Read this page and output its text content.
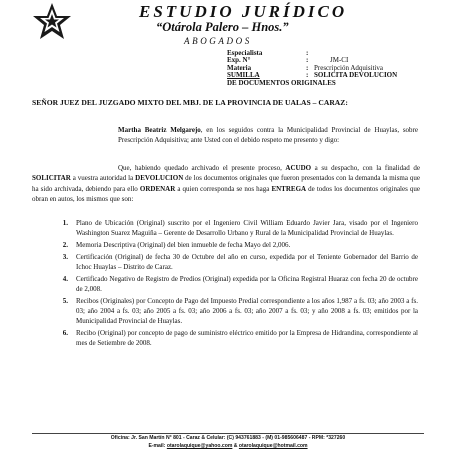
ESTUDIO JURÍDICO
“Otárola Palero – Hnos.”
ABOGADOS
Especialista	:
Exp. N°	:	JM-CI
Materia	: Prescripción Adquisitiva
SUMILLA	: SOLICITA DEVOLUCION
DE DOCUMENTOS ORIGINALES
SEÑOR JUEZ DEL JUZGADO MIXTO DEL MBJ. DE LA PROVINCIA DE UALAS – CARAZ:
Martha Beatriz Melgarejo, en los seguidos contra la Municipalidad Provincial de Huaylas, sobre Prescripción Adquisitiva; ante Usted con el debido respeto me presento y digo:
Que, habiendo quedado archivado el presente proceso, ACUDO a su despacho, con la finalidad de SOLICITAR a vuestra autoridad la DEVOLUCION de los documentos originales que fueron presentados con la demanda la misma que ha sido archivada, debiendo para ello ORDENAR a quien corresponda se nos haga ENTREGA de todos los documentos originales que obran en autos, los mismos que son:
1.	Plano de Ubicación (Original) suscrito por el Ingeniero Civil William Eduardo Javier Jara, visado por el Ingeniero Washington Suarez Maguiña – Gerente de Desarrollo Urbano y Rural de la Municipalidad Provincial de Huaylas.
2.	Memoria Descriptiva (Original) del bien inmueble de fecha Mayo del 2,006.
3.	Certificación (Original) de fecha 30 de Octubre del año en curso, expedida por el Teniente Gobernador del Barrio de Ichoc Huaylas – Distrito de Caraz.
4.	Certificado Negativo de Registro de Predios (Original) expedida por la Oficina Registral Huaraz con fecha 20 de octubre de 2,008.
5.	Recibos (Originales) por Concepto de Pago del Impuesto Predial correspondiente a los años 1,987 a fs. 03; año 2003 a fs. 03; año 2004 a fs. 03; año 2005 a fs. 03; año 2006 a fs. 03; año 2007 a fs. 03; y año 2008 a fs. 03; emitidos por la Municipalidad Provincial de Huaylas.
6.	Recibo (Original) por concepto de pago de suministro eléctrico emitido por la Empresa de Hidrandina, correspondiente al mes de Setiembre de 2008.
Oficina: Jr. San Martín N° 801 - Caraz & Celular: (C) 943761883 - (M) 01-985606487 - RPM: *327260
E-mail: otarolaquique@yahoo.com & otarolaquique@hotmail.com
